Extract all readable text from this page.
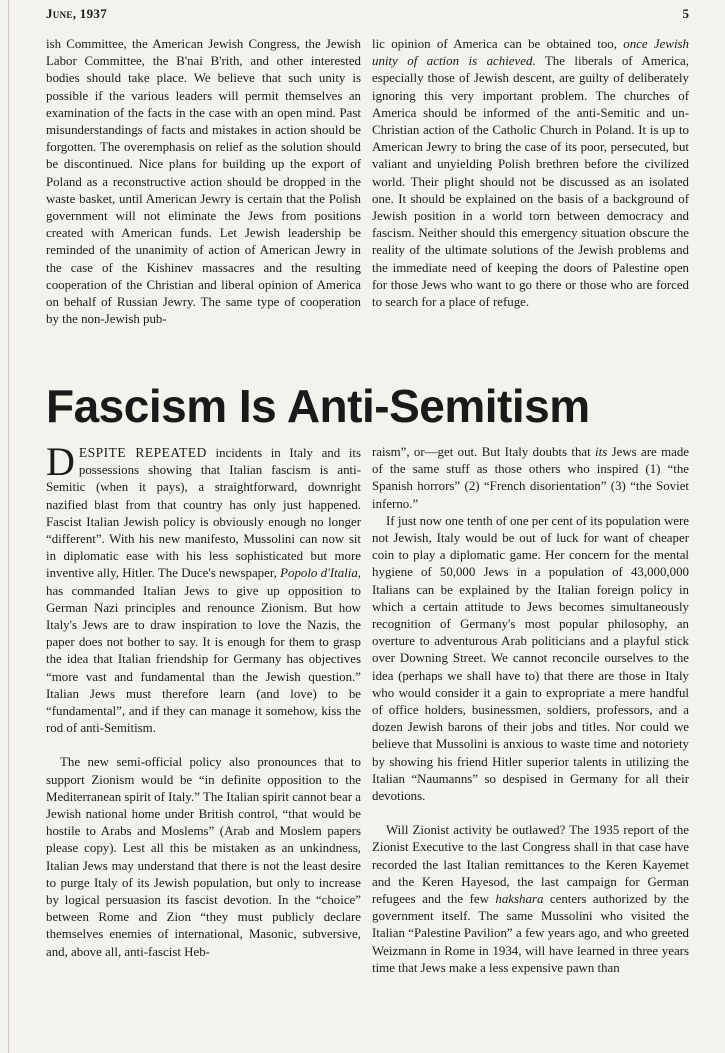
June, 1937	5

ish Committee, the American Jewish Congress, the Jewish Labor Committee, the B'nai B'rith, and other interested bodies should take place. We believe that such unity is possible if the various leaders will permit themselves an examination of the facts in the case with an open mind. Past misunderstandings of facts and mistakes in action should be forgotten. The overemphasis on relief as the solution should be discontinued. Nice plans for building up the export of Poland as a reconstructive action should be dropped in the waste basket, until American Jewry is certain that the Polish government will not eliminate the Jews from positions created with American funds. Let Jewish leadership be reminded of the unanimity of action of American Jewry in the case of the Kishinev massacres and the resulting cooperation of the Christian and liberal opinion of America on behalf of Russian Jewry. The same type of cooperation by the non-Jewish pub-

lic opinion of America can be obtained too, once Jewish unity of action is achieved. The liberals of America, especially those of Jewish descent, are guilty of deliberately ignoring this very important problem. The churches of America should be informed of the anti-Semitic and un-Christian action of the Catholic Church in Poland. It is up to American Jewry to bring the case of its poor, persecuted, but valiant and unyielding Polish brethren before the civilized world. Their plight should not be discussed as an isolated one. It should be explained on the basis of a background of Jewish position in a world torn between democracy and fascism. Neither should this emergency situation obscure the reality of the ultimate solutions of the Jewish problems and the immediate need of keeping the doors of Palestine open for those Jews who want to go there or those who are forced to search for a place of refuge.

Fascism Is Anti-Semitism

DESPITE REPEATED incidents in Italy and its possessions showing that Italian fascism is anti-Semitic (when it pays), a straightforward, downright nazified blast from that country has only just happened. Fascist Italian Jewish policy is obviously enough no longer “different”. With his new manifesto, Mussolini can now sit in diplomatic ease with his less sophisticated but more inventive ally, Hitler. The Duce's newspaper, Popolo d'Italia, has commanded Italian Jews to give up opposition to German Nazi principles and renounce Zionism. But how Italy's Jews are to draw inspiration to love the Nazis, the paper does not bother to say. It is enough for them to grasp the idea that Italian friendship for Germany has objectives “more vast and fundamental than the Jewish question.” Italian Jews must therefore learn (and love) to be “fundamental”, and if they can manage it somehow, kiss the rod of anti-Semitism.

The new semi-official policy also pronounces that to support Zionism would be “in definite opposition to the Mediterranean spirit of Italy.” The Italian spirit cannot bear a Jewish national home under British control, “that would be hostile to Arabs and Moslems” (Arab and Moslem papers please copy). Lest all this be mistaken as an unkindness, Italian Jews may understand that there is not the least desire to purge Italy of its Jewish population, but only to increase by logical persuasion its fascist devotion. In the “choice” between Rome and Zion “they must publicly declare themselves enemies of international, Masonic, subversive, and, above all, anti-fascist Heb-

raism”, or—get out. But Italy doubts that its Jews are made of the same stuff as those others who inspired (1) “the Spanish horrors” (2) “French disorientation” (3) “the Soviet inferno.”

If just now one tenth of one per cent of its population were not Jewish, Italy would be out of luck for want of cheaper coin to play a diplomatic game. Her concern for the mental hygiene of 50,000 Jews in a population of 43,000,000 Italians can be explained by the Italian foreign policy in which a certain attitude to Jews becomes simultaneously recognition of Germany's most popular philosophy, an overture to adventurous Arab politicians and a playful stick over Downing Street. We cannot reconcile ourselves to the idea (perhaps we shall have to) that there are those in Italy who would consider it a gain to expropriate a mere handful of office holders, businessmen, soldiers, professors, and a dozen Jewish barons of their jobs and titles. Nor could we believe that Mussolini is anxious to waste time and notoriety by showing his friend Hitler superior talents in utilizing the Italian “Naumanns” so despised in Germany for all their devotions.

Will Zionist activity be outlawed? The 1935 report of the Zionist Executive to the last Congress shall in that case have recorded the last Italian remittances to the Keren Kayemet and the Keren Hayesod, the last campaign for German refugees and the few hakshara centers authorized by the government itself. The same Mussolini who visited the Italian “Palestine Pavilion” a few years ago, and who greeted Weizmann in Rome in 1934, will have learned in three years time that Jews make a less expensive pawn than
